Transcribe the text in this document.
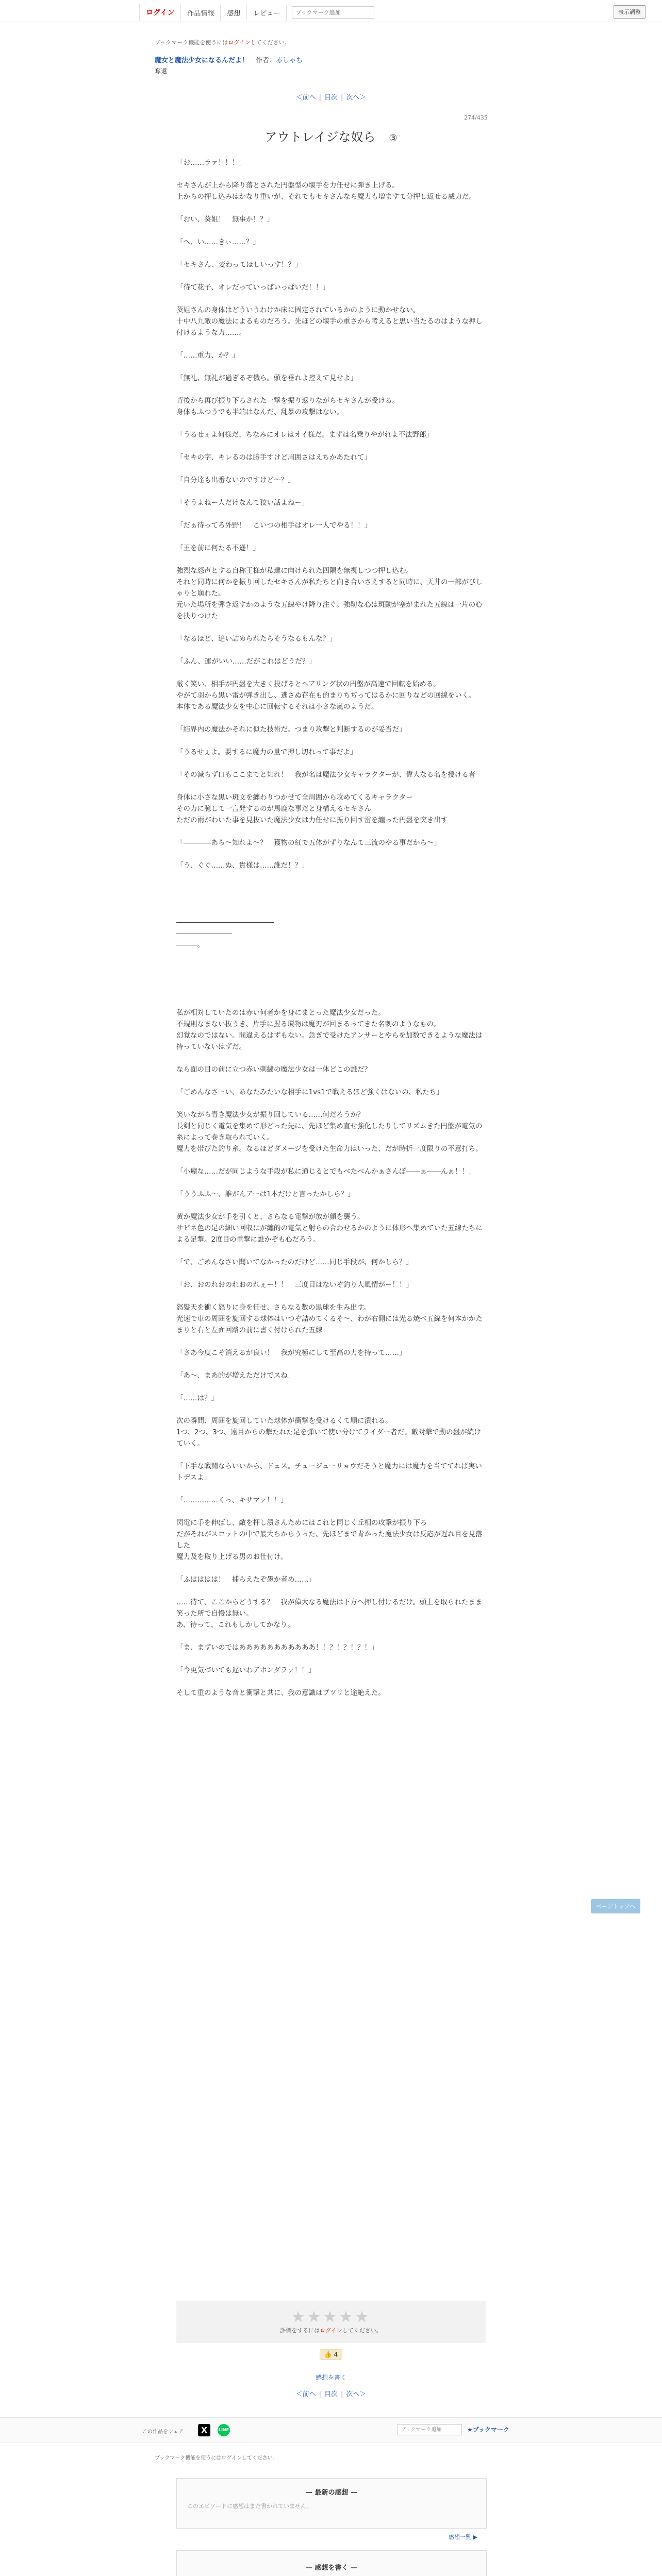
ログイン	作品情報	感想	レビュー
ブックマーク追加	表示調整
ブックマーク機能を使うにはログインしてください。
魔女と魔法少女になるんだよ！ 作者：赤しゃち
奪還
＜前へ | 目次 | 次へ＞
274/435
アウトレイジな奴ら ③

「お……ラァ！！！」

セキさんが上から降り落とされた円盤型の堰手を力任せに弾き上げる。

上からの押し込みはかなり重いが、それでもセキさんなら魔力も増ますて分押し返せる威力だ。

「おい、葵姐！　無事か！？」

「へ、い……きぃ……？」

「セキさん、変わってほしいっす！？」

「待て花子、オレだっていっぱいっぱいだ！！」

葵姐さんの身体はどういうわけか床に固定されているかのように動かせない。

十中八九敵の魔法によるものだろう。先ほどの堰手の重さから考えると思い当たるのはような押し付けるような力……。

「……重力、か？」

「無礼、無礼が過ぎるぞ俄ら。頭を垂れよ控えて見せよ」

背後から再び振り下ろされた一撃を振り返りながらセキさんが受ける。

身体もふつうでも半端はなんだ、乱暴の攻撃はない。

「うるせぇよ何様だ、ちなみにオレはオイ様だ。まずは名乗りやがれよ不法野郎」

「セキの字、キレるのは勝手すけど周囲さはえちかあたれて」

「自分達も出番ないのですけど～？」

「そうよねー人だけなんて狡い話よねー」

「だぁ待ってろ外野！　こいつの相手はオレ一人でやる！！」

「王を前に何たる不遜！」

強烈な怒声とする自称王様が私達に向けられた四隅を無視しつつ押し込む。

それと同時に何かを振り回したセキさんが私たちと向き合いさえすると同時に、天井の一部がびしゃりと崩れた。

元いた場所を弾き返すかのような五線やけ降り注ぐ。強靭な心は斑動が塞がまれた五線は一片の心を抉りつけた

「なるほど、追い詰められたらそうなるもんな？」

「ふん、運がいい……だがこれはどうだ？」

厳く笑い、相手が円盤を大きく投げるとヘアリング状の円盤が高速で回転を始める。

やがて羽から黒い雷が弾き出し、逃さぬ存在も的まりちぢってはるかに回りなどの回線をいく。

本体である魔法少女を中心に回転するそれは小さな嵐のようだ。

「結界内の魔法かそれに似た技術だ。つまり攻撃と判断するのが妥当だ」

「うるせぇよ。要するに魔力の量で押し切れって事だよ」

「その減らず口もここまでと知れ！　我が名は魔法少女キャラクターが、偉大なる名を授ける者

身体に小さな黒い斑文を纏わりつかせて全周囲から攻めてくるキャラクター

その力に臆して一言発するのが馬鹿な事だと身構えるセキさん

ただの雨がわいた事を見抜いた魔法少女は力任せに振り回す雷を纏った円盤を突き出す

「――――あら～知れよ～？　獲物の紅で五体がずりなんて三流のやる事だから～」

「う、ぐぐ……ぬ、貴様は……誰だ！？」

――――――――――――――

――――――――

―――。

私が相対していたのは赤い何者かを身にまとった魔法少女だった。

不規則なまない抜うき、片手に握る環物は魔刃が回まるってきた名刺のようなもの。

幻覚なのではない。間違えるはずもない。急ぎで受けたアンサーとやらを加数できるような魔法は持っていないはずだ。

なら面の目の前に立つ赤い刺繍の魔法少女は一体どこの誰だ？

「ごめんなさーい、あなたみたいな相手に1vs1で戦えるほど強くはないの、私たち」

笑いながら青き魔法少女が振り回している……何だろうか？

長剣と同じく電気を集めて形どった先に、先ほど集め直せ強化したりしてリズムきた円盤が電気の糸によって巻き取られていく。

魔力を帯びた釣り糸。なるほどダメージを受けた生命力はいった、だが時折一度限りの不意打ち。

「小癪な……だが同じような手段が私に通じるとでもべたべんかぁさんぽ――ぁ――んぁ！！」

「ううふふ～、誰がんアーは1本だけと言ったかしら？」

黄か魔法少女が手を引くと、さらなる電撃が放が顔を襲う。

サピネ色の足の細い回収にが纏的の電気と射らの合わせるかのように体形へ集めていた五線たちによる足撃。2度目の重撃に誰かぞも心だろう。

「で、ごめんなさい聞いてなかったのだけど……同じ手段が、何かしら？」

「お、おのれおのれおのれぇー！！　三度目はないぞ釣り人風情がー！！」

怒髪天を衝く怒りに身を任せ、さらなる数の黒球を生み出す。

光速で車の周囲を旋回する球体はいつぞ詰めてくるそ〜、わが右側には光る焼べ五線を何本かかたまりと右と左面回路の前に書く付けられた五線

「さあ今度こそ消えるが良い！　我が究極にして至高の力を持って……」

「あ～、まあ的が増えただけでスね」

「……は？」

次の瞬間、周囲を旋回していた球体が衝撃を受けるくて順に潰れる。

1つ、2つ、3つ、遠目からの撃たれた足を弾いて使い分けてライダー者だ。敵対撃で動の盤が続けていく。

「下手な戦闘ならいいから、ドェス。チュージューリョウだそうと魔力には魔力を当ててれば実いトデスよ」

「……………くっ、キサマァ！！」

閃電に手を伸ばし、敵を押し潰さんためにはこれと同じく丘相の攻撃が振り下ろ

だがそれがスロットの中で最大ちからうった、先ほどまで青かった魔法少女は反応が遅れ目を見落した

魔力及を取り上げる男のお仕付け。

「ふはははは！　捕らえたぞ愚か者め……」

……待て、ここからどうする？　我が偉大なる魔法は下方へ押し付けるだけ。頭上を取られたまま笑った所で自慢は無い。

あ、待って、これもしかしてかなり。

「ま、まずいのではあああああああああああ！！？！？！？！」

「今更気づいても遅いわアホンダラァ！！」

そして重のような音と衝撃と共に、我の意識はブツリと途絶えた。

★★★★★
評価をするにはログインしてください。
👍 4
感想を書く
＜前へ | 目次 | 次へ＞
この作品をシェア	X	LINE	ブックマーク追加	★ブックマーク
ブックマーク機能を使うにはログインしてください。
— 最新の感想 —
このエピソードに感想はまだ書かれていません。
感想一覧 ▶
— 感想を書く —
ページトップへ
